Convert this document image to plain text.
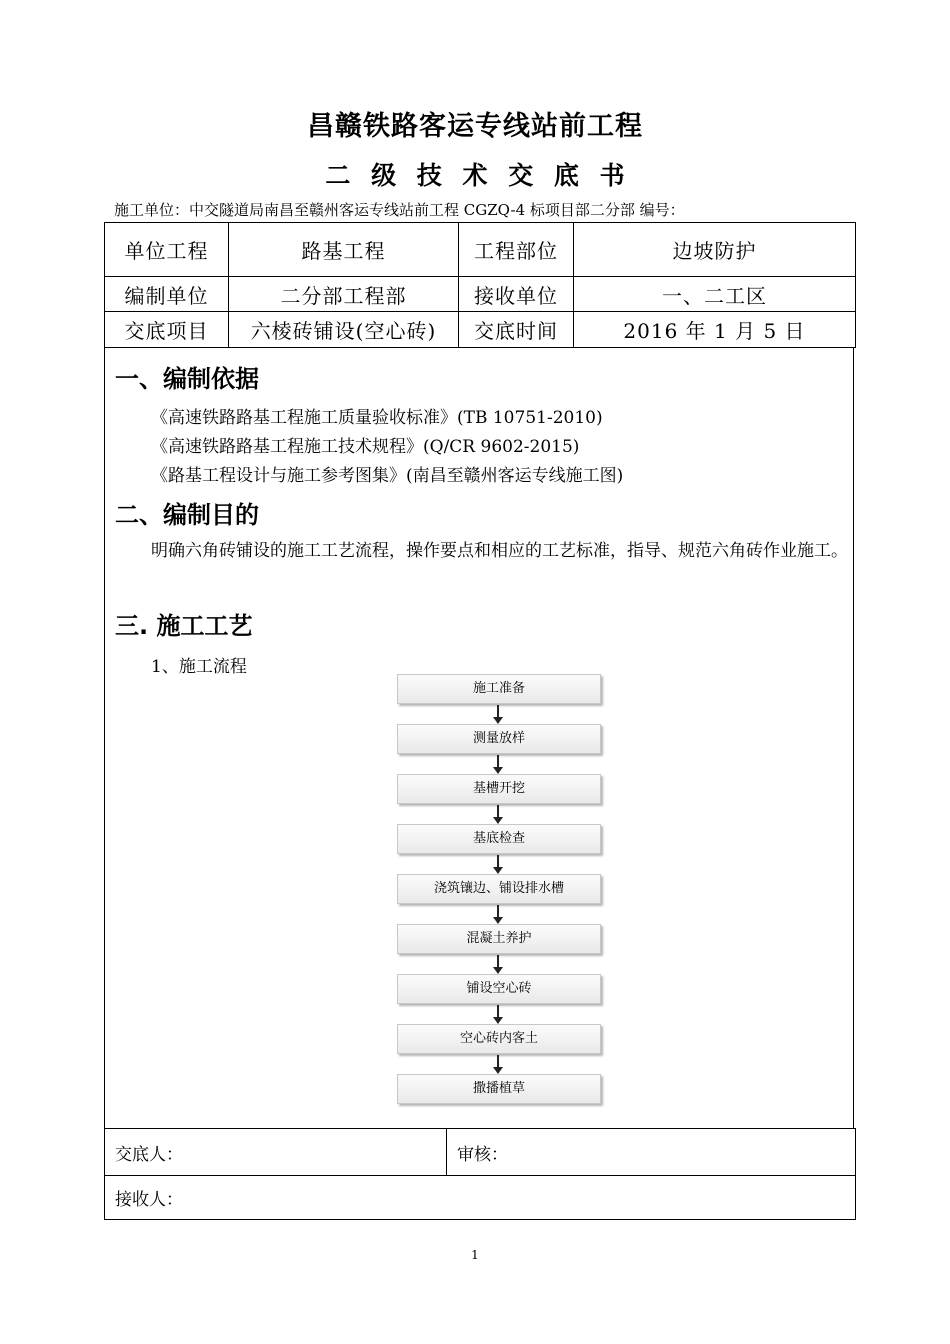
昌赣铁路客运专线站前工程
二 级 技 术 交 底 书
施工单位：中交隧道局南昌至赣州客运专线站前工程 CGZQ-4 标项目部二分部 编号：
单位工程	路基工程	工程部位	边坡防护
编制单位	二分部工程部	接收单位	一、二工区
交底项目	六棱砖铺设(空心砖)	交底时间	2016 年 1 月 5 日
一、编制依据
《高速铁路路基工程施工质量验收标准》(TB 10751-2010)
《高速铁路路基工程施工技术规程》(Q/CR 9602-2015)
《路基工程设计与施工参考图集》(南昌至赣州客运专线施工图)
二、编制目的
明确六角砖铺设的施工工艺流程，操作要点和相应的工艺标准，指导、规范六角砖作业施工。
三. 施工工艺
1、施工流程
施工准备
测量放样
基槽开挖
基底检查
浇筑镶边、铺设排水槽
混凝土养护
铺设空心砖
空心砖内客土
撒播植草
交底人：	审核：
接收人：
1
